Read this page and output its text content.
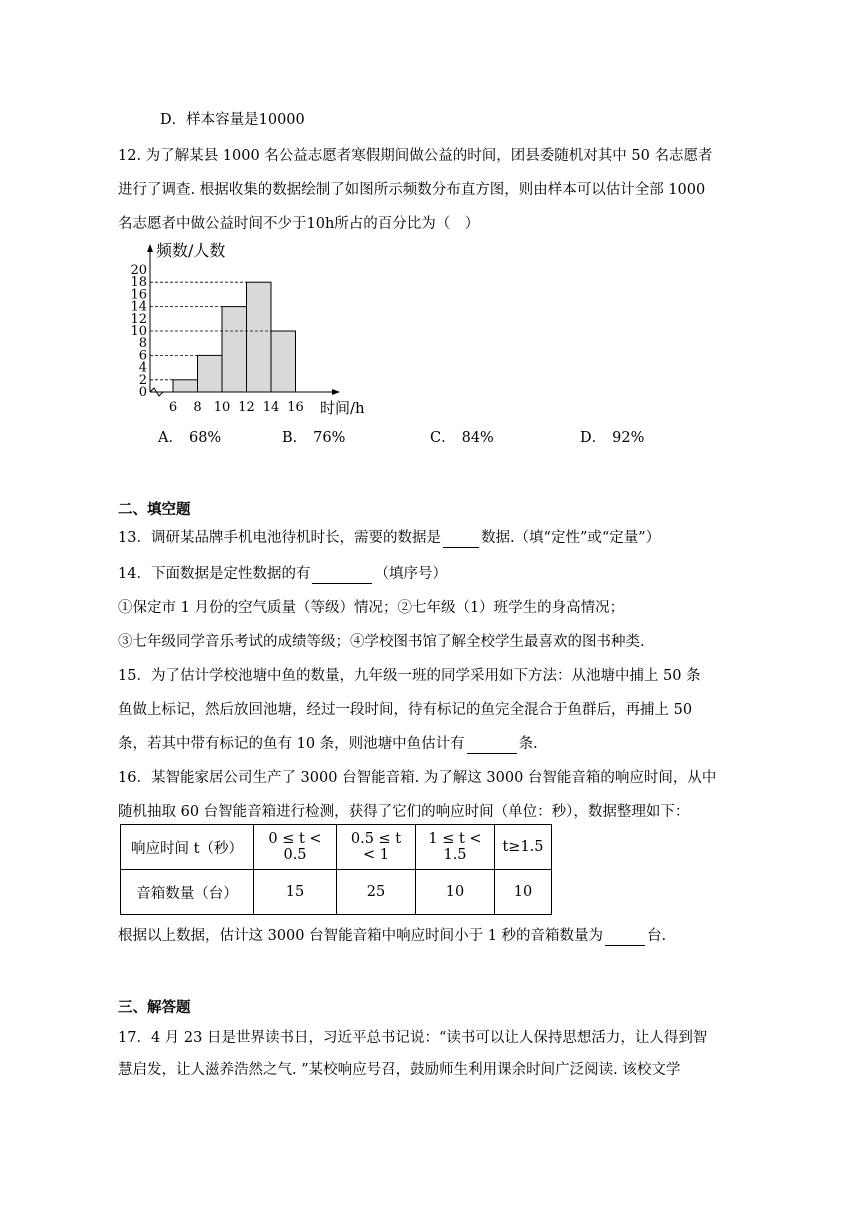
D．样本容量是10000
12. 为了解某县 1000 名公益志愿者寒假期间做公益的时间，团县委随机对其中 50 名志愿者
进行了调查. 根据收集的数据绘制了如图所示频数分布直方图，则由样本可以估计全部 1000
名志愿者中做公益时间不少于10h所占的百分比为（　）
0
2
4
6
8
10
12
14
16
18
20
6 8 10 12 14 16
频数/人数
时间/h
A． 68%	B． 76%	C． 84%	D． 92%
二、填空题
13．调研某品牌手机电池待机时长，需要的数据是	数据.（填“定性”或“定量”）
14．下面数据是定性数据的有	（填序号）
①保定市 1 月份的空气质量（等级）情况；②七年级（1）班学生的身高情况；
③七年级同学音乐考试的成绩等级；④学校图书馆了解全校学生最喜欢的图书种类.
15．为了估计学校池塘中鱼的数量，九年级一班的同学采用如下方法：从池塘中捕上 50 条
鱼做上标记，然后放回池塘，经过一段时间，待有标记的鱼完全混合于鱼群后，再捕上 50
条，若其中带有标记的鱼有 10 条，则池塘中鱼估计有	条.
16．某智能家居公司生产了 3000 台智能音箱. 为了解这 3000 台智能音箱的响应时间，从中
随机抽取 60 台智能音箱进行检测，获得了它们的响应时间（单位：秒），数据整理如下：
响应时间 t（秒）	0 ≤ t < 0.5	0.5 ≤ t < 1	1 ≤ t < 1.5	t≥1.5
音箱数量（台）	15	25	10	10
根据以上数据，估计这 3000 台智能音箱中响应时间小于 1 秒的音箱数量为	台.
三、解答题
17．4 月 23 日是世界读书日，习近平总书记说：“读书可以让人保持思想活力，让人得到智
慧启发，让人滋养浩然之气. ”某校响应号召，鼓励师生利用课余时间广泛阅读. 该校文学
